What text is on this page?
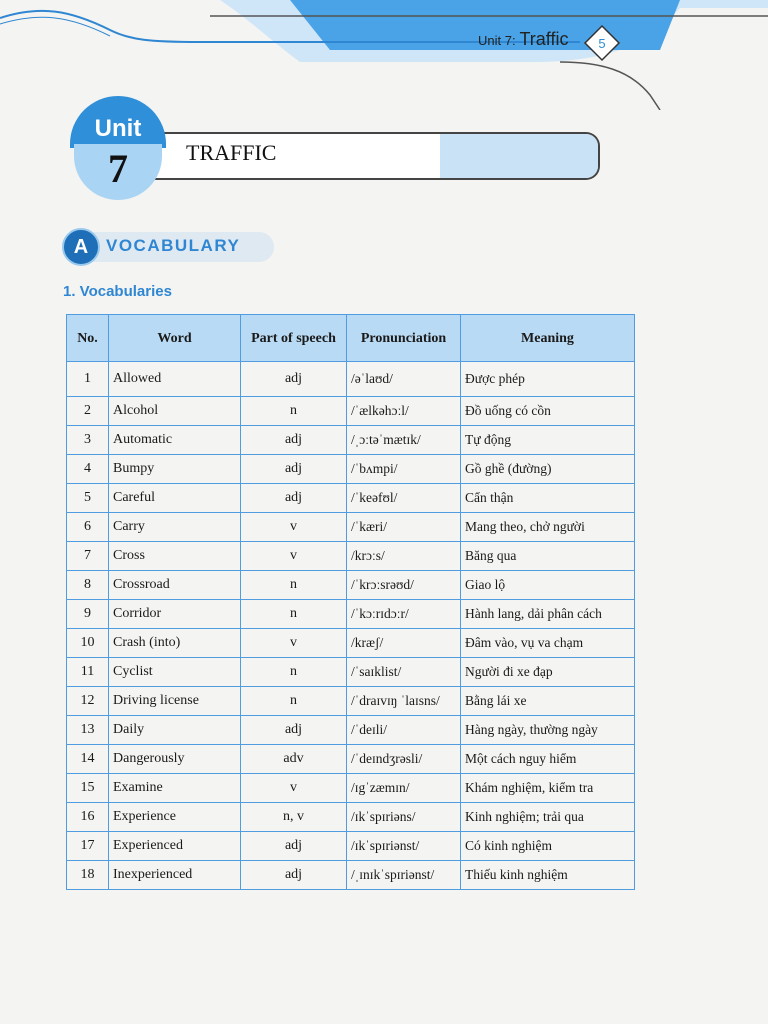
Unit 7: Traffic 5
Unit
7	TRAFFIC
A	VOCABULARY
1. Vocabularies
No.	Word	Part of speech	Pronunciation	Meaning
1	Allowed	adj	/əˈlaʊd/	Được phép
2	Alcohol	n	/ˈælkəhɔːl/	Đồ uống có cồn
3	Automatic	adj	/ˌɔːtəˈmætɪk/	Tự động
4	Bumpy	adj	/ˈbʌmpi/	Gồ ghề (đường)
5	Careful	adj	/ˈkeəfʊl/	Cẩn thận
6	Carry	v	/ˈkæri/	Mang theo, chở người
7	Cross	v	/krɔːs/	Băng qua
8	Crossroad	n	/ˈkrɔːsrəʊd/	Giao lộ
9	Corridor	n	/ˈkɔːrɪdɔːr/	Hành lang, dải phân cách
10	Crash (into)	v	/kræʃ/	Đâm vào, vụ va chạm
11	Cyclist	n	/ˈsaɪklist/	Người đi xe đạp
12	Driving license	n	/ˈdraɪvɪŋ ˈlaɪsns/	Bằng lái xe
13	Daily	adj	/ˈdeɪli/	Hàng ngày, thường ngày
14	Dangerously	adv	/ˈdeɪndʒrəsli/	Một cách nguy hiểm
15	Examine	v	/ɪgˈzæmɪn/	Khám nghiệm, kiểm tra
16	Experience	n, v	/ɪkˈspɪriəns/	Kinh nghiệm; trải qua
17	Experienced	adj	/ɪkˈspɪriənst/	Có kinh nghiệm
18	Inexperienced	adj	/ˌɪnɪkˈspɪriənst/	Thiếu kinh nghiệm
